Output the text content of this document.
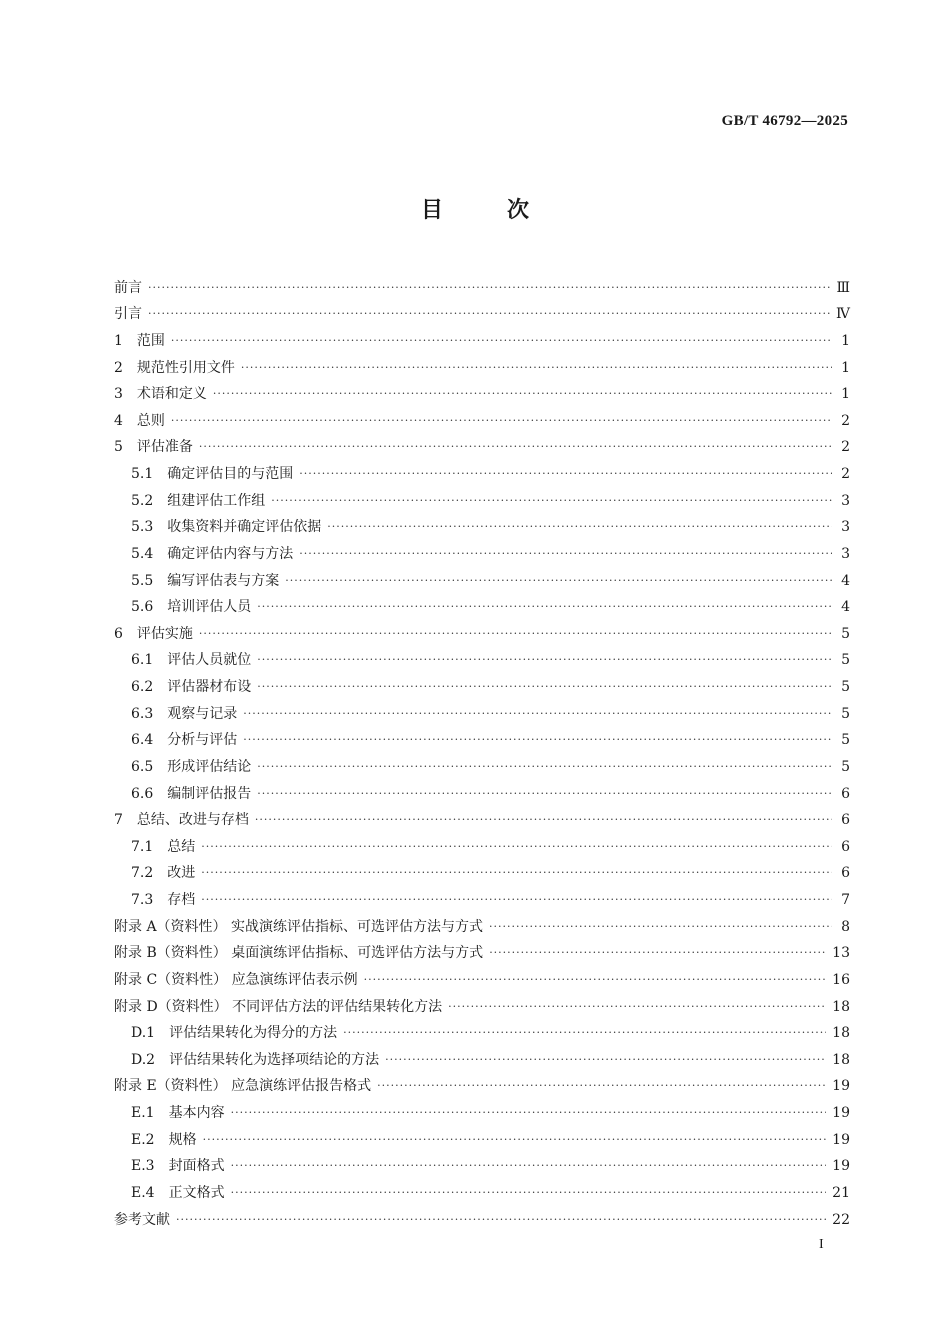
GB/T 46792—2025
目次
前言 ·····	Ⅲ
引言 ·····	Ⅳ
1 范围 ·····	1
2 规范性引用文件 ·····	1
3 术语和定义 ·····	1
4 总则 ·····	2
5 评估准备 ·····	2
5.1 确定评估目的与范围 ·····	2
5.2 组建评估工作组 ·····	3
5.3 收集资料并确定评估依据 ·····	3
5.4 确定评估内容与方法 ·····	3
5.5 编写评估表与方案 ·····	4
5.6 培训评估人员 ·····	4
6 评估实施 ·····	5
6.1 评估人员就位 ·····	5
6.2 评估器材布设 ·····	5
6.3 观察与记录 ·····	5
6.4 分析与评估 ·····	5
6.5 形成评估结论 ·····	5
6.6 编制评估报告 ·····	6
7 总结、改进与存档 ·····	6
7.1 总结 ·····	6
7.2 改进 ·····	6
7.3 存档 ·····	7
附录 A（资料性） 实战演练评估指标、可选评估方法与方式 ·····	8
附录 B（资料性） 桌面演练评估指标、可选评估方法与方式 ·····	13
附录 C（资料性） 应急演练评估表示例 ·····	16
附录 D（资料性） 不同评估方法的评估结果转化方法 ·····	18
D.1 评估结果转化为得分的方法 ·····	18
D.2 评估结果转化为选择项结论的方法 ·····	18
附录 E（资料性） 应急演练评估报告格式 ·····	19
E.1 基本内容 ·····	19
E.2 规格 ·····	19
E.3 封面格式 ·····	19
E.4 正文格式 ·····	21
参考文献 ·····	22
I
